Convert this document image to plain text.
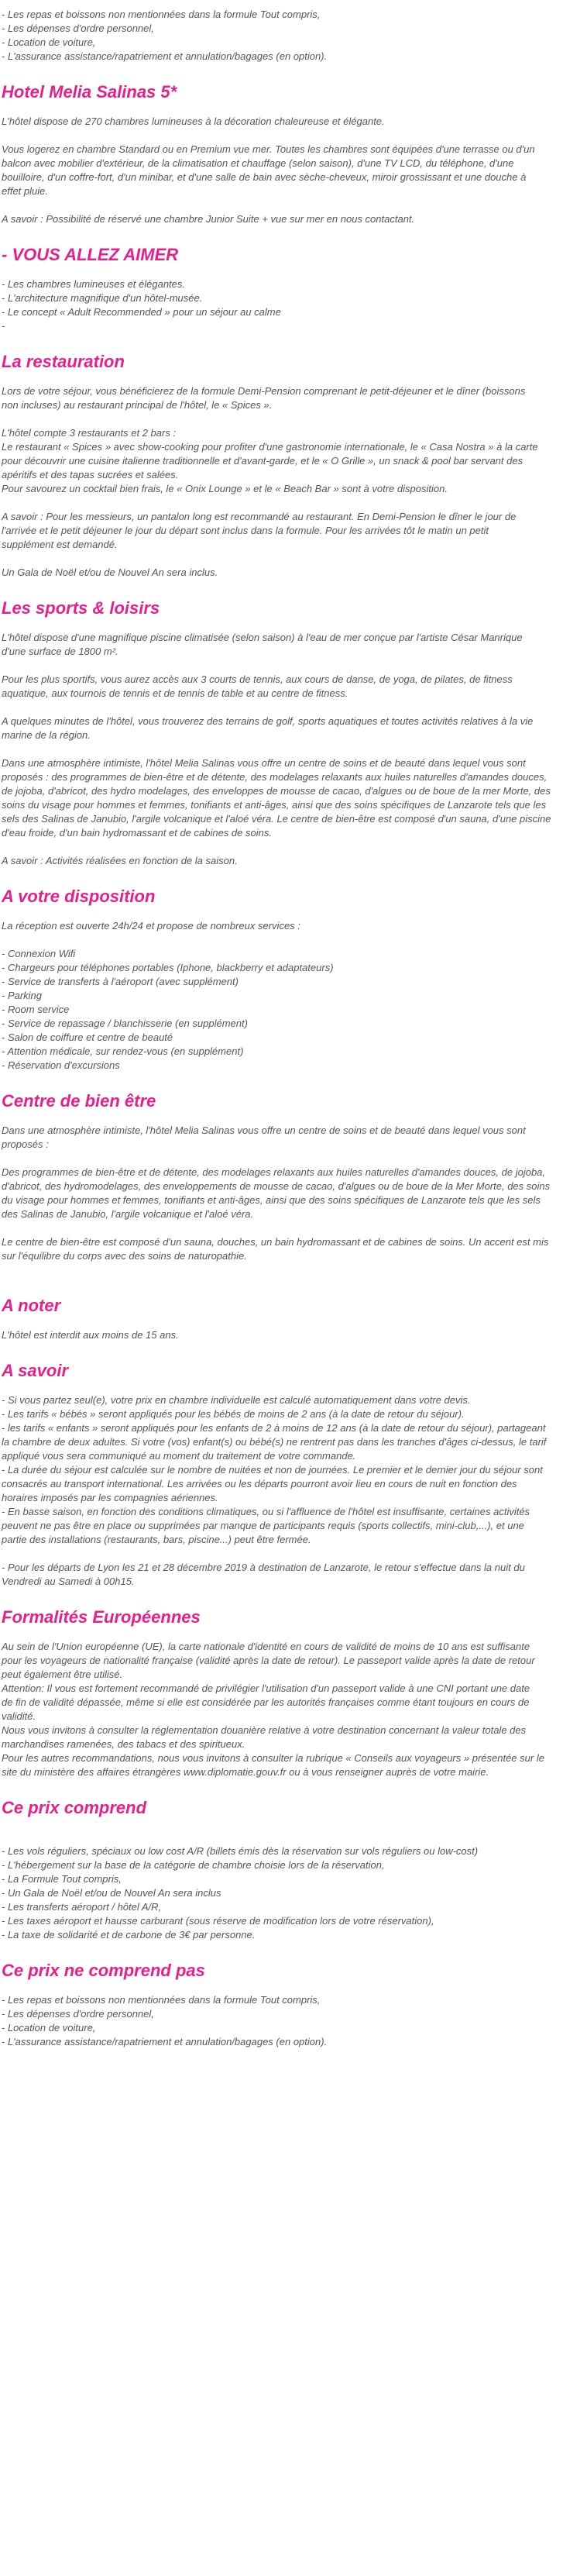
- Les repas et boissons non mentionnées dans la formule Tout compris,
- Les dépenses d'ordre personnel,
- Location de voiture,
- L'assurance assistance/rapatriement et annulation/bagages (en option).
Hotel Melia Salinas 5*

L'hôtel dispose de 270 chambres lumineuses à la décoration chaleureuse et élégante.

Vous logerez en chambre Standard ou en Premium vue mer. Toutes les chambres sont équipées d'une terrasse ou d'un
balcon avec mobilier d'extérieur, de la climatisation et chauffage (selon saison), d'une TV LCD, du téléphone, d'une
bouilloire, d'un coffre-fort, d'un minibar, et d'une salle de bain avec sèche-cheveux, miroir grossissant et une douche à
effet pluie.

A savoir : Possibilité de réservé une chambre Junior Suite + vue sur mer en nous contactant.

- VOUS ALLEZ AIMER
- Les chambres lumineuses et élégantes.
- L'architecture magnifique d'un hôtel-musée.
- Le concept « Adult Recommended » pour un séjour au calme
-
La restauration

Lors de votre séjour, vous bénéficierez de la formule Demi-Pension comprenant le petit-déjeuner et le dîner (boissons
non incluses) au restaurant principal de l'hôtel, le « Spices ».

L'hôtel compte 3 restaurants et 2 bars :
Le restaurant « Spices » avec show-cooking pour profiter d'une gastronomie internationale, le « Casa Nostra » à la carte
pour découvrir une cuisine italienne traditionnelle et d'avant-garde, et le « O Grille », un snack & pool bar servant des
apéritifs et des tapas sucrées et salées.
Pour savourez un cocktail bien frais, le « Onix Lounge » et le « Beach Bar » sont à votre disposition.

A savoir : Pour les messieurs, un pantalon long est recommandé au restaurant. En Demi-Pension le dîner le jour de
l'arrivée et le petit déjeuner le jour du départ sont inclus dans la formule. Pour les arrivées tôt le matin un petit
supplément est demandé.

Un Gala de Noël et/ou de Nouvel An sera inclus.

Les sports & loisirs

L'hôtel dispose d'une magnifique piscine climatisée (selon saison) à l'eau de mer conçue par l'artiste César Manrique
d'une surface de 1800 m².

Pour les plus sportifs, vous aurez accès aux 3 courts de tennis, aux cours de danse, de yoga, de pilates, de fitness
aquatique, aux tournois de tennis et de tennis de table et au centre de fitness.

A quelques minutes de l'hôtel, vous trouverez des terrains de golf, sports aquatiques et toutes activités relatives à la vie
marine de la région.

Dans une atmosphère intimiste, l'hôtel Melia Salinas vous offre un centre de soins et de beauté dans lequel vous sont
proposés : des programmes de bien-être et de détente, des modelages relaxants aux huiles naturelles d'amandes douces,
de jojoba, d'abricot, des hydro modelages, des enveloppes de mousse de cacao, d'algues ou de boue de la mer Morte, des
soins du visage pour hommes et femmes, tonifiants et anti-âges, ainsi que des soins spécifiques de Lanzarote tels que les
sels des Salinas de Janubio, l'argile volcanique et l'aloé véra. Le centre de bien-être est composé d'un sauna, d'une piscine
d'eau froide, d'un bain hydromassant et de cabines de soins.

A savoir : Activités réalisées en fonction de la saison.

A votre disposition

La réception est ouverte 24h/24 et propose de nombreux services :

- Connexion Wifi
- Chargeurs pour téléphones portables (Iphone, blackberry et adaptateurs)
- Service de transferts à l'aéroport (avec supplément)
- Parking
- Room service
- Service de repassage / blanchisserie (en supplément)
- Salon de coiffure et centre de beauté
- Attention médicale, sur rendez-vous (en supplément)
- Réservation d'excursions
Centre de bien être

Dans une atmosphère intimiste, l'hôtel Melia Salinas vous offre un centre de soins et de beauté dans lequel vous sont
proposés :

Des programmes de bien-être et de détente, des modelages relaxants aux huiles naturelles d'amandes douces, de jojoba,
d'abricot, des hydromodelages, des enveloppements de mousse de cacao, d'algues ou de boue de la Mer Morte, des soins
du visage pour hommes et femmes, tonifiants et anti-âges, ainsi que des soins spécifiques de Lanzarote tels que les sels
des Salinas de Janubio, l'argile volcanique et l'aloé véra.

Le centre de bien-être est composé d'un sauna, douches, un bain hydromassant et de cabines de soins. Un accent est mis
sur l'équilibre du corps avec des soins de naturopathie.

A noter

L'hôtel est interdit aux moins de 15 ans.

A savoir

- Si vous partez seul(e), votre prix en chambre individuelle est calculé automatiquement dans votre devis.
- Les tarifs « bébés » seront appliqués pour les bébés de moins de 2 ans (à la date de retour du séjour).
- les tarifs « enfants » seront appliqués pour les enfants de 2 à moins de 12 ans (à la date de retour du séjour), partageant
la chambre de deux adultes. Si votre (vos) enfant(s) ou bébé(s) ne rentrent pas dans les tranches d'âges ci-dessus, le tarif
appliqué vous sera communiqué au moment du traitement de votre commande.
- La durée du séjour est calculée sur le nombre de nuitées et non de journées. Le premier et le dernier jour du séjour sont
consacrés au transport international. Les arrivées ou les départs pourront avoir lieu en cours de nuit en fonction des
horaires imposés par les compagnies aériennes.
- En basse saison, en fonction des conditions climatiques, ou si l'affluence de l'hôtel est insuffisante, certaines activités
peuvent ne pas être en place ou supprimées par manque de participants requis (sports collectifs, mini-club,...), et une
partie des installations (restaurants, bars, piscine...) peut être fermée.

- Pour les départs de Lyon les 21 et 28 décembre 2019 à destination de Lanzarote, le retour s'effectue dans la nuit du
Vendredi au Samedi à 00h15.

Formalités Européennes

Au sein de l'Union européenne (UE), la carte nationale d'identité en cours de validité de moins de 10 ans est suffisante
pour les voyageurs de nationalité française (validité après la date de retour). Le passeport valide après la date de retour
peut également être utilisé.
Attention: Il vous est fortement recommandé de privilégier l'utilisation d'un passeport valide à une CNI portant une date
de fin de validité dépassée, même si elle est considérée par les autorités françaises comme étant toujours en cours de
validité.
Nous vous invitons à consulter la réglementation douanière relative à votre destination concernant la valeur totale des
marchandises ramenées, des tabacs et des spiritueux.
Pour les autres recommandations, nous vous invitons à consulter la rubrique « Conseils aux voyageurs » présentée sur le
site du ministère des affaires étrangères www.diplomatie.gouv.fr ou à vous renseigner auprès de votre mairie.

Ce prix comprend
- Les vols réguliers, spéciaux ou low cost A/R (billets émis dès la réservation sur vols réguliers ou low-cost)
- L'hébergement sur la base de la catégorie de chambre choisie lors de la réservation,
- La Formule Tout compris,
- Un Gala de Noël et/ou de Nouvel An sera inclus
- Les transferts aéroport / hôtel A/R,
- Les taxes aéroport et hausse carburant (sous réserve de modification lors de votre réservation),
- La taxe de solidarité et de carbone de 3€ par personne.
Ce prix ne comprend pas
- Les repas et boissons non mentionnées dans la formule Tout compris,
- Les dépenses d'ordre personnel,
- Location de voiture,
- L'assurance assistance/rapatriement et annulation/bagages (en option).
